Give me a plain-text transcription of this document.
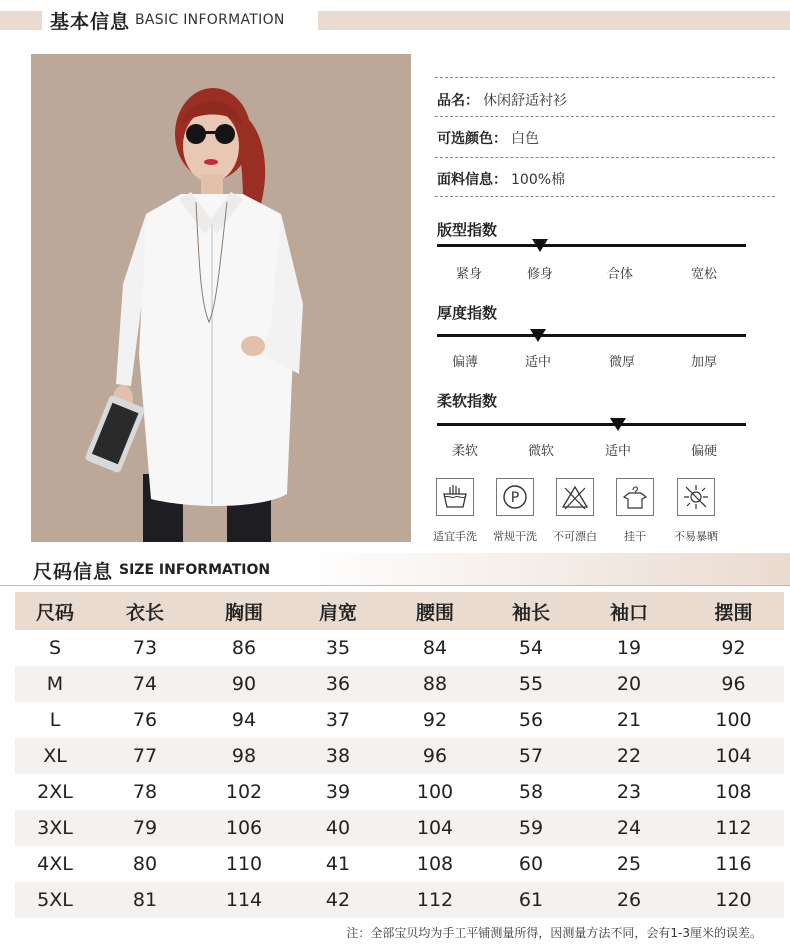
基本信息 BASIC INFORMATION
品名： 休闲舒适衬衫
可选颜色： 白色
面料信息： 100%棉
版型指数
紧身	修身	合体	宽松
厚度指数
偏薄	适中	微厚	加厚
柔软指数
柔软	微软	适中	偏硬
适宜手洗
P
常规干洗	不可漂白	挂干	不易暴晒
尺码信息 SIZE INFORMATION
尺码	衣长	胸围	肩宽	腰围	袖长	袖口	摆围
S	73	86	35	84	54	19	92
M	74	90	36	88	55	20	96
L	76	94	37	92	56	21	100
XL	77	98	38	96	57	22	104
2XL	78	102	39	100	58	23	108
3XL	79	106	40	104	59	24	112
4XL	80	110	41	108	60	25	116
5XL	81	114	42	112	61	26	120
注：全部宝贝均为手工平铺测量所得，因测量方法不同，会有1-3厘米的误差。
